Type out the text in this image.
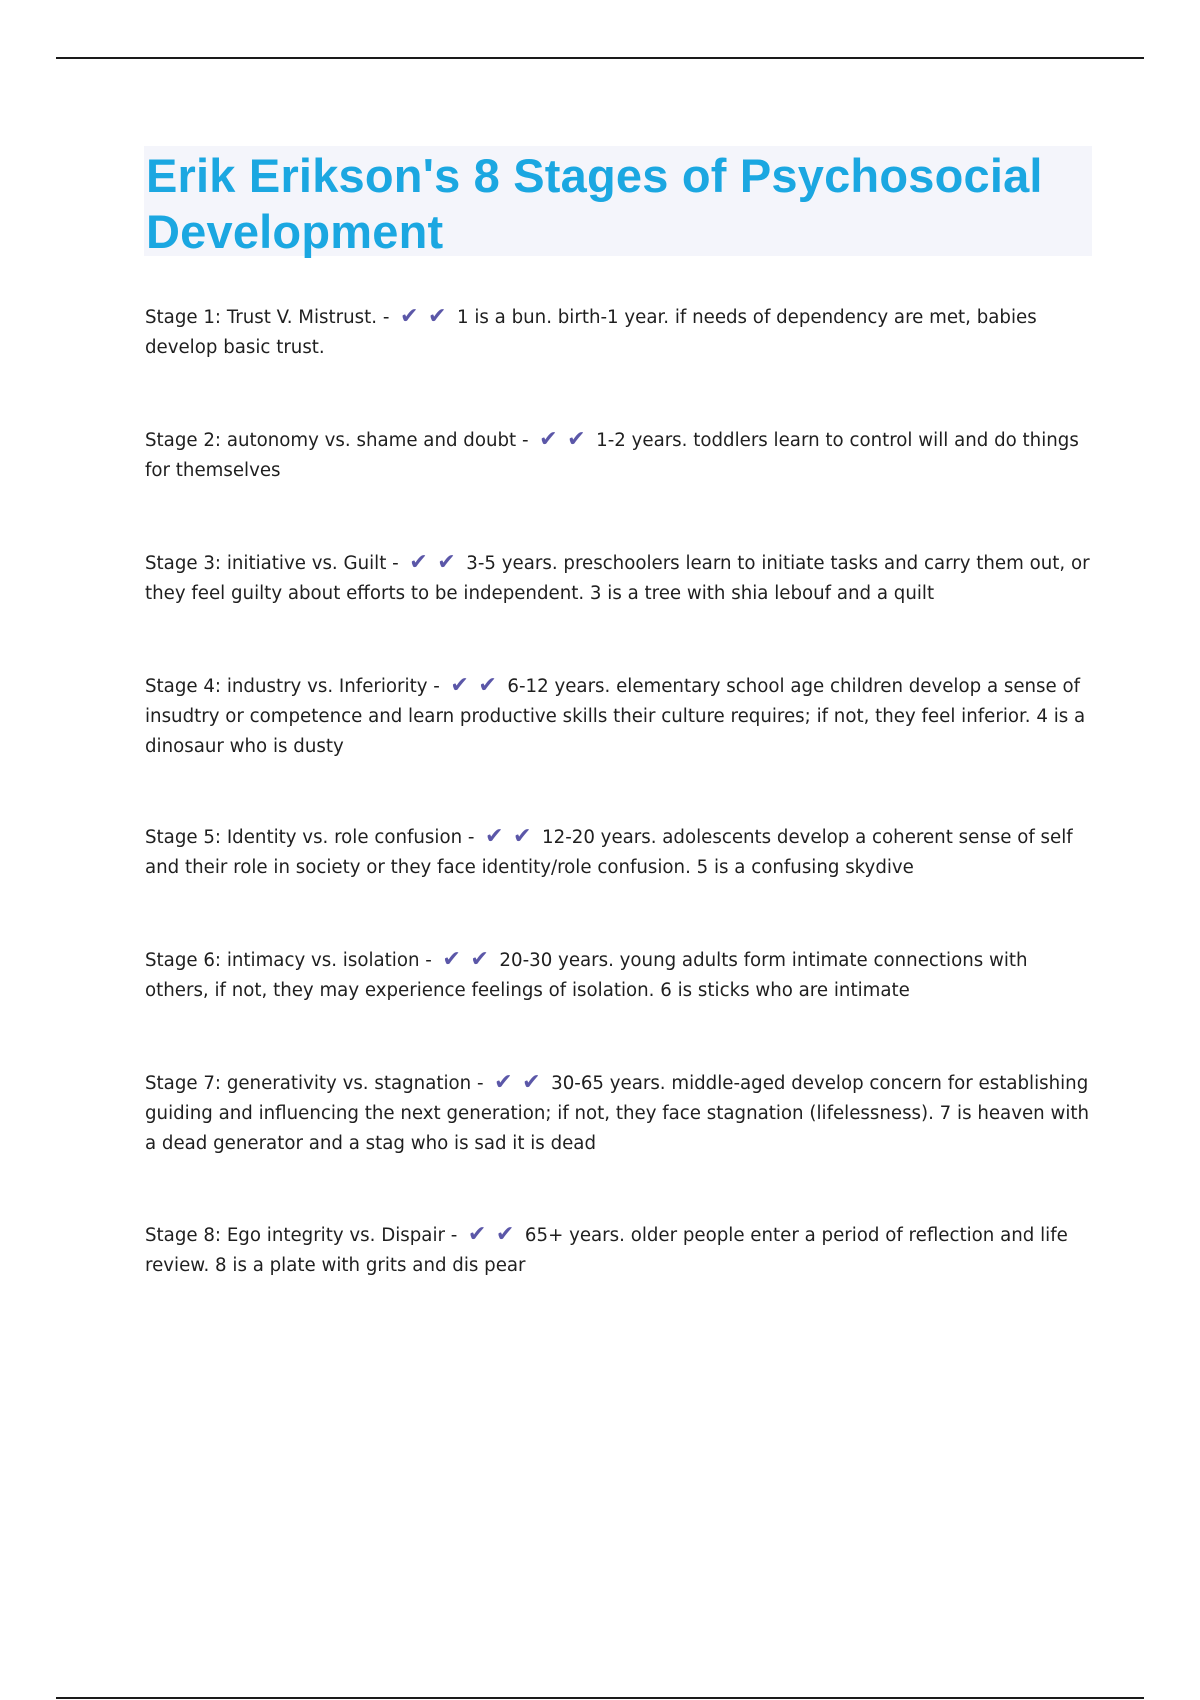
Erik Erikson's 8 Stages of Psychosocial Development

Stage 1: Trust V. Mistrust. - ✔ ✔ 1 is a bun. birth-1 year. if needs of dependency are met, babies develop basic trust.

Stage 2: autonomy vs. shame and doubt - ✔ ✔ 1-2 years. toddlers learn to control will and do things for themselves

Stage 3: initiative vs. Guilt - ✔ ✔ 3-5 years. preschoolers learn to initiate tasks and carry them out, or they feel guilty about efforts to be independent. 3 is a tree with shia lebouf and a quilt

Stage 4: industry vs. Inferiority - ✔ ✔ 6-12 years. elementary school age children develop a sense of insudtry or competence and learn productive skills their culture requires; if not, they feel inferior. 4 is a dinosaur who is dusty

Stage 5: Identity vs. role confusion - ✔ ✔ 12-20 years. adolescents develop a coherent sense of self and their role in society or they face identity/role confusion. 5 is a confusing skydive

Stage 6: intimacy vs. isolation - ✔ ✔ 20-30 years. young adults form intimate connections with others, if not, they may experience feelings of isolation. 6 is sticks who are intimate

Stage 7: generativity vs. stagnation - ✔ ✔ 30-65 years. middle-aged develop concern for establishing guiding and influencing the next generation; if not, they face stagnation (lifelessness). 7 is heaven with a dead generator and a stag who is sad it is dead

Stage 8: Ego integrity vs. Dispair - ✔ ✔ 65+ years. older people enter a period of reflection and life review. 8 is a plate with grits and dis pear
